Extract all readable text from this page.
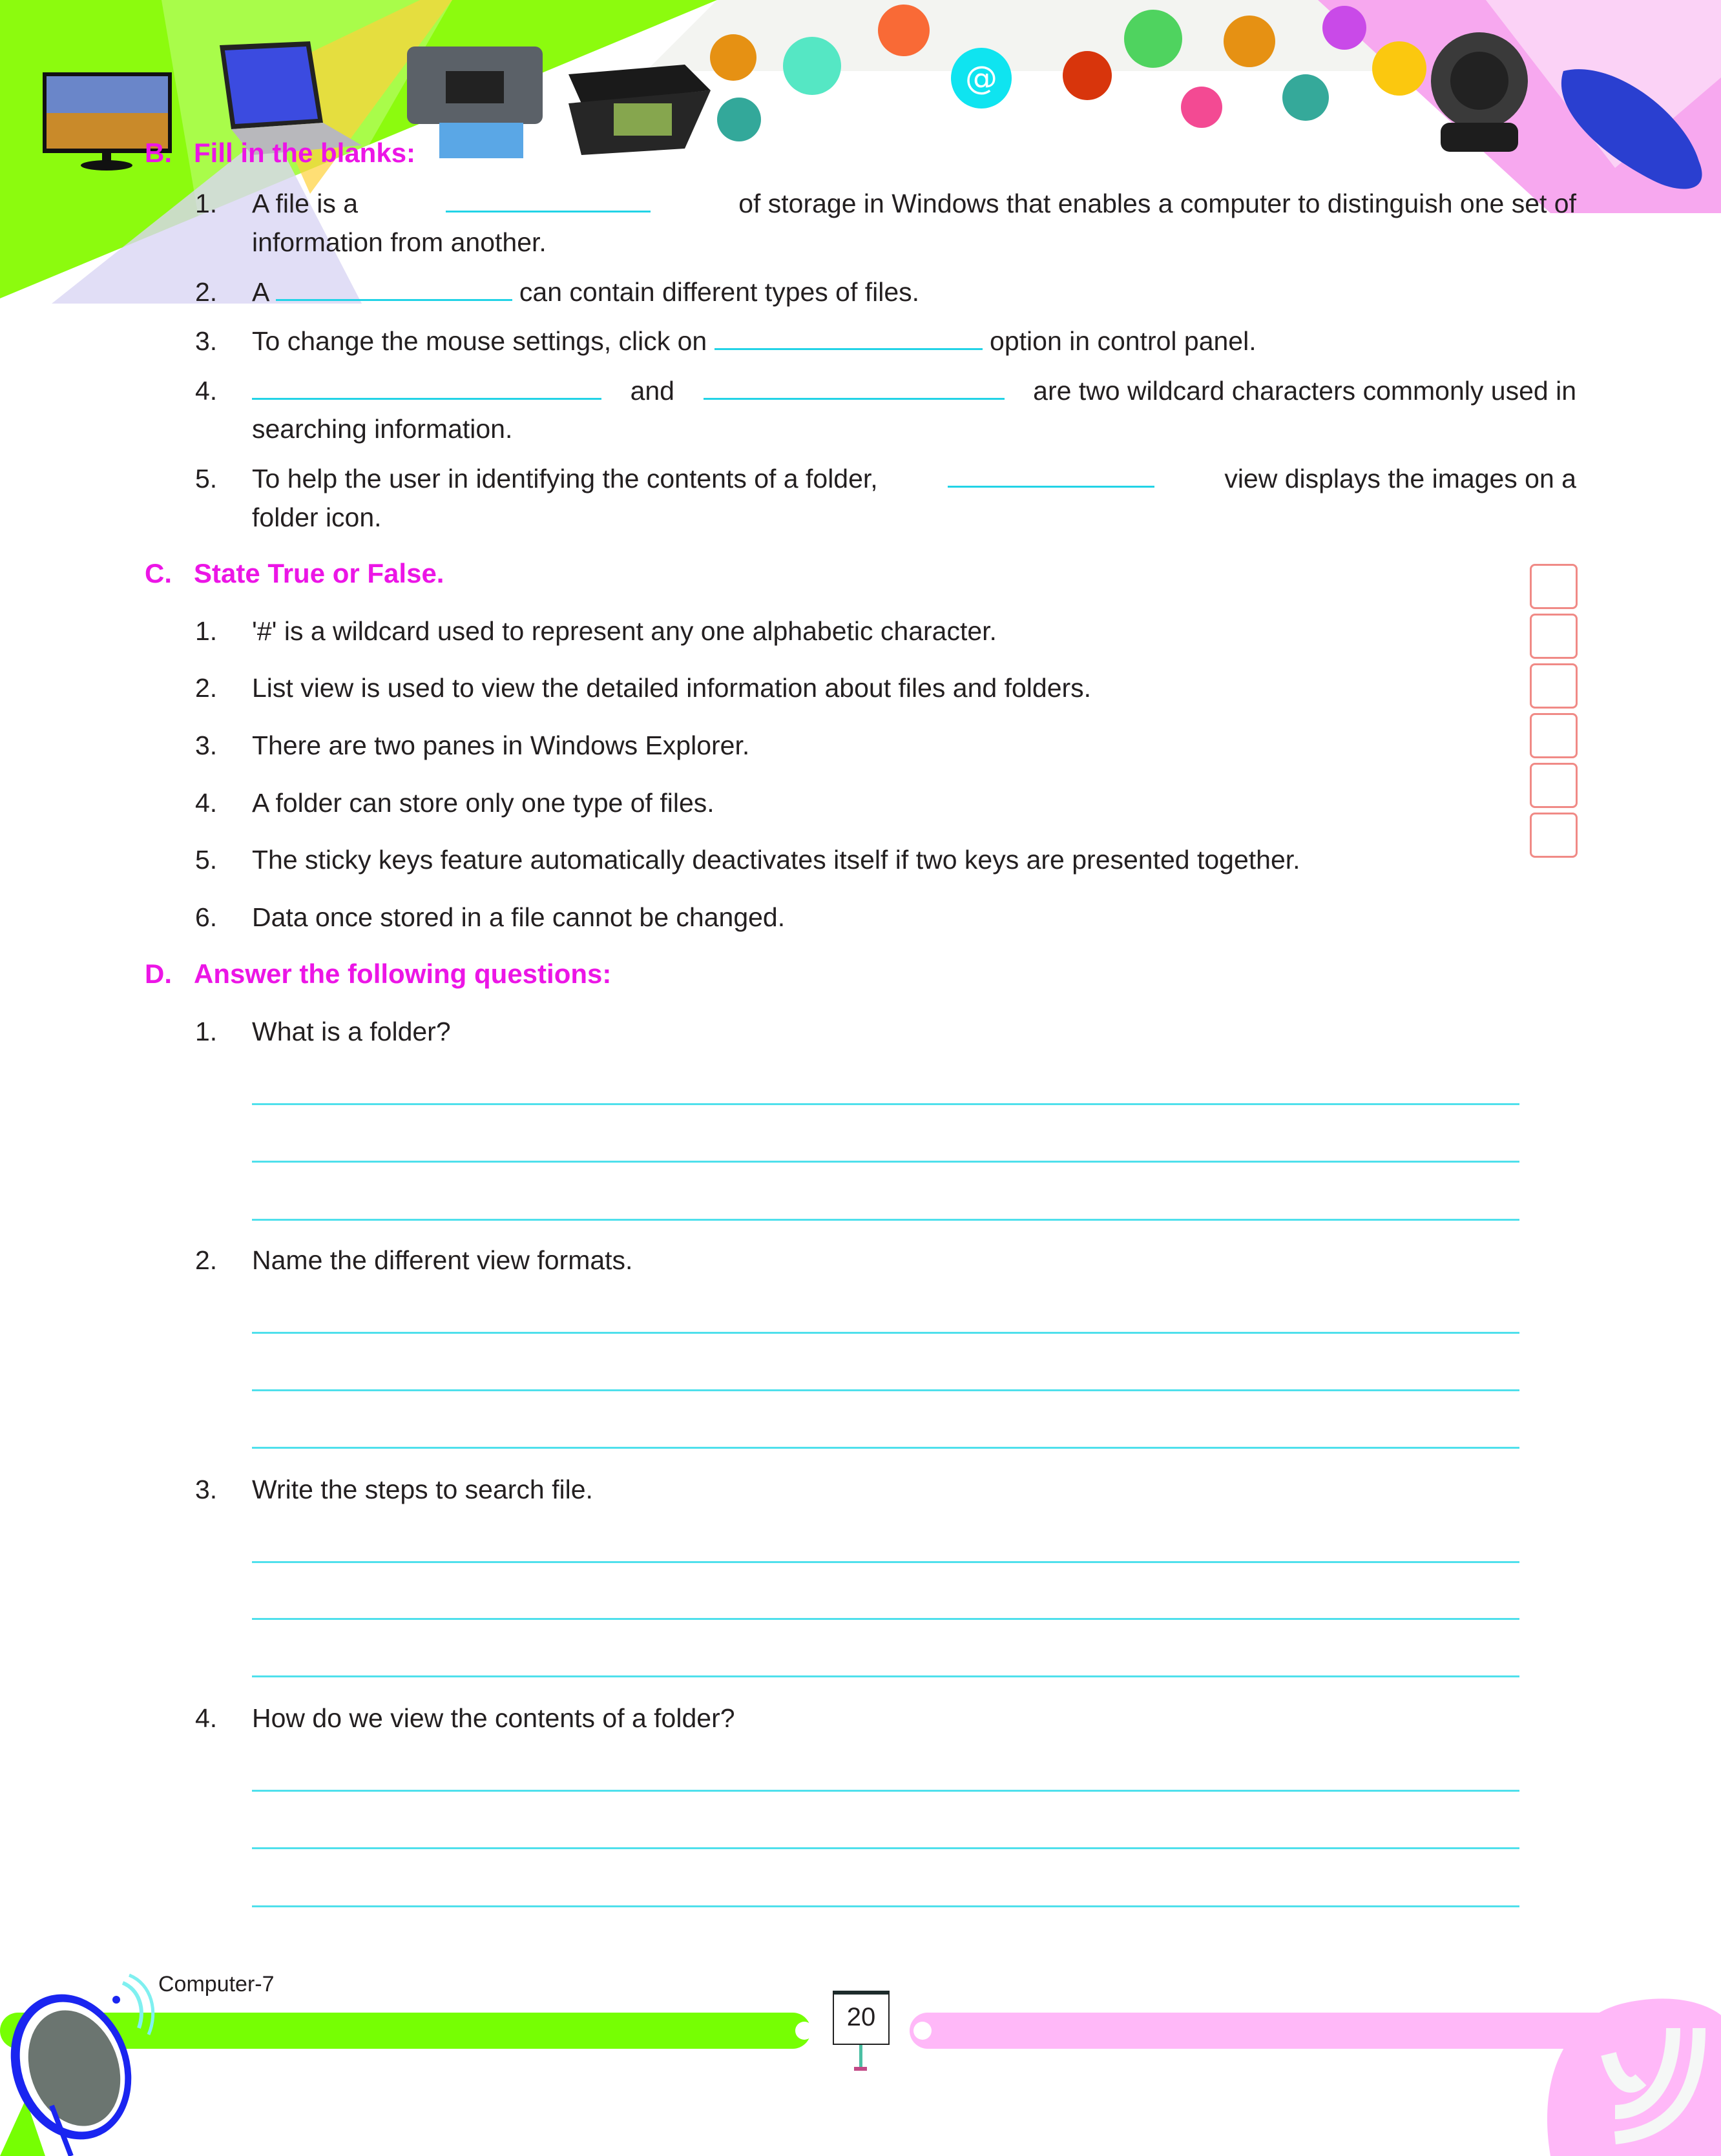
@
B. Fill in the blanks:
1. A file is a	of storage in Windows that enables a computer to distinguish one set of
information from another.
2. A	can contain different types of files.
3. To change the mouse settings, click on	option in control panel.
4.	and	are two wildcard characters commonly used in
searching information.
5. To help the user in identifying the contents of a folder,	view displays the images on a
folder icon.
C. State True or False.
1. '#' is a wildcard used to represent any one alphabetic character.
2. List view is used to view the detailed information about files and folders.
3. There are two panes in Windows Explorer.
4. A folder can store only one type of files.
5. The sticky keys feature automatically deactivates itself if two keys are presented together.
6. Data once stored in a file cannot be changed.
D. Answer the following questions:
1. What is a folder?
2. Name the different view formats.
3. Write the steps to search file.
4. How do we view the contents of a folder?
Computer-7
20
